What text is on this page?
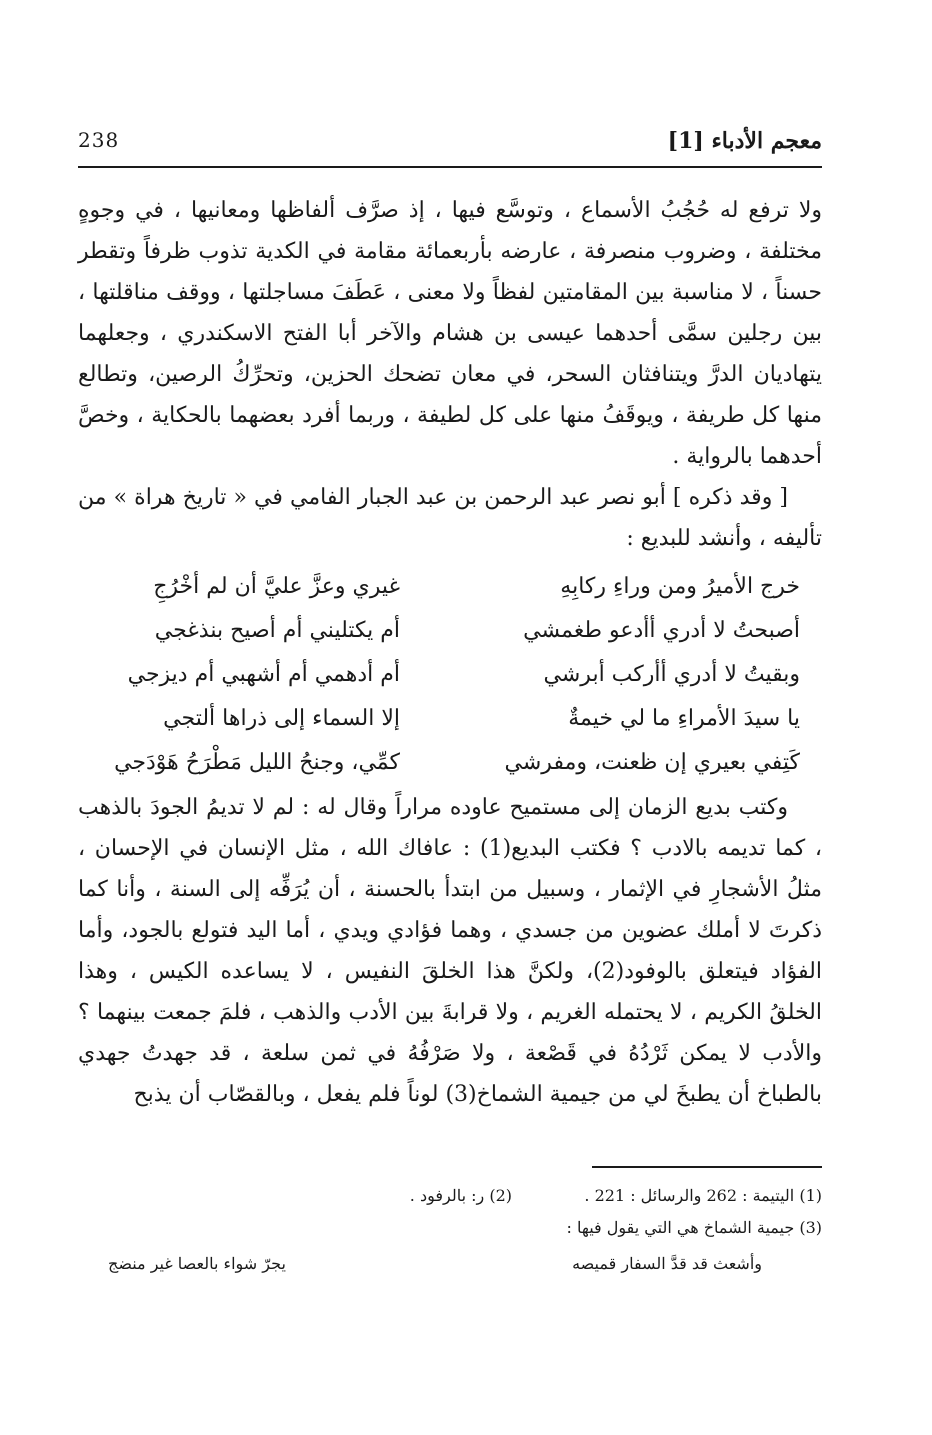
معجم الأدباء [1]
238

ولا ترفع له حُجُبُ الأسماع ، وتوسَّع فيها ، إذ صرَّف ألفاظها ومعانيها ، في وجوهٍ مختلفة ، وضروب منصرفة ، عارضه بأربعمائة مقامة في الكدية تذوب ظرفاً وتقطر حسناً ، لا مناسبة بين المقامتين لفظاً ولا معنى ، عَطَفَ مساجلتها ، ووقف مناقلتها ، بين رجلين سمَّى أحدهما عيسى بن هشام والآخر أبا الفتح الاسكندري ، وجعلهما يتهاديان الدرَّ ويتنافثان السحر، في معان تضحك الحزين، وتحرِّكُ الرصين، وتطالع منها كل طريفة ، ويوقَفُ منها على كل لطيفة ، وربما أفرد بعضهما بالحكاية ، وخصَّ أحدهما بالرواية .

[ وقد ذكره ] أبو نصر عبد الرحمن بن عبد الجبار الفامي في « تاريخ هراة » من تأليفه ، وأنشد للبديع :

خرج الأميرُ ومن وراءِ ركابِهِ
غيري وعزَّ عليَّ أن لم أخْرُجِ
أصبحتُ لا أدري أأدعو طغمشي
أم يكتليني أم أصيح بنذغجي
وبقيتُ لا أدري أأركب أبرشي
أم أدهمي أم أشهبي أم ديزجي
يا سيدَ الأمراءِ ما لي خيمةٌ
إلا السماء إلى ذراها ألتجي
كَتِفي بعيري إن ظعنت، ومفرشي
كمِّي، وجنحُ الليل مَطْرَحُ هَوْدَجي

وكتب بديع الزمان إلى مستميح عاوده مراراً وقال له : لم لا تديمُ الجودَ بالذهب ، كما تديمه بالادب ؟ فكتب البديع(1) : عافاك الله ، مثل الإنسان في الإحسان ، مثلُ الأشجارِ في الإثمار ، وسبيل من ابتدأ بالحسنة ، أن يُرَفِّه إلى السنة ، وأنا كما ذكرتَ لا أملك عضوين من جسدي ، وهما فؤادي ويدي ، أما اليد فتولع بالجود، وأما الفؤاد فيتعلق بالوفود(2)، ولكنَّ هذا الخلقَ النفيس ، لا يساعده الكيس ، وهذا الخلقُ الكريم ، لا يحتمله الغريم ، ولا قرابةَ بين الأدب والذهب ، فلمَ جمعت بينهما ؟ والأدب لا يمكن ثَرْدُهُ في قَصْعة ، ولا صَرْفُهُ في ثمن سلعة ، قد جهدتُ جهدي بالطباخ أن يطبخَ لي من جيمية الشماخ(3) لوناً فلم يفعل ، وبالقصّاب أن يذبح

(1) اليتيمة : 262 والرسائل : 221 .
(2) ر: بالرفود .
(3) جيمية الشماخ هي التي يقول فيها :
وأشعث قد قدَّ السفار قميصه
يجرّ شواء بالعصا غير منضج
